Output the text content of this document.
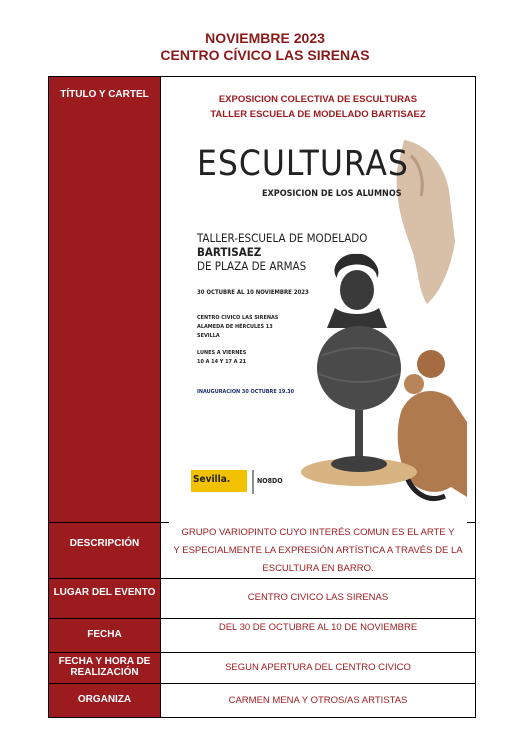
NOVIEMBRE 2023
CENTRO CÍVICO LAS SIRENAS
TÍTULO Y CARTEL
DESCRIPCIÓN
LUGAR DEL EVENTO
FECHA
FECHA Y HORA DE REALIZACIÓN
ORGANIZA
EXPOSICION COLECTIVA DE ESCULTURAS
TALLER ESCUELA DE MODELADO BARTISAEZ
ESCULTURAS
EXPOSICION DE LOS ALUMNOS
TALLER-ESCUELA DE MODELADO
BARTISAEZ
DE PLAZA DE ARMAS
30 OCTUBRE AL 10 NOVIEMBRE 2023
CENTRO CIVICO LAS SIRENAS
ALAMEDA DE HÉRCULES 13
SEVILLA
LUNES A VIERNES
10 A 14 Y 17 A 21
INAUGURACION 30 OCTUBRE 19.30
Sevilla.	NO8DO
GRUPO VARIOPINTO CUYO INTERÉS COMUN ES EL ARTE Y
Y ESPECIALMENTE LA EXPRESIÓN ARTÍSTICA A TRAVÉS DE LA
ESCULTURA EN BARRO.
CENTRO CIVICO LAS SIRENAS
DEL 30 DE OCTUBRE AL 10 DE NOVIEMBRE
SEGUN APERTURA DEL CENTRO CIVICO
CARMEN MENA Y OTROS/AS ARTISTAS
